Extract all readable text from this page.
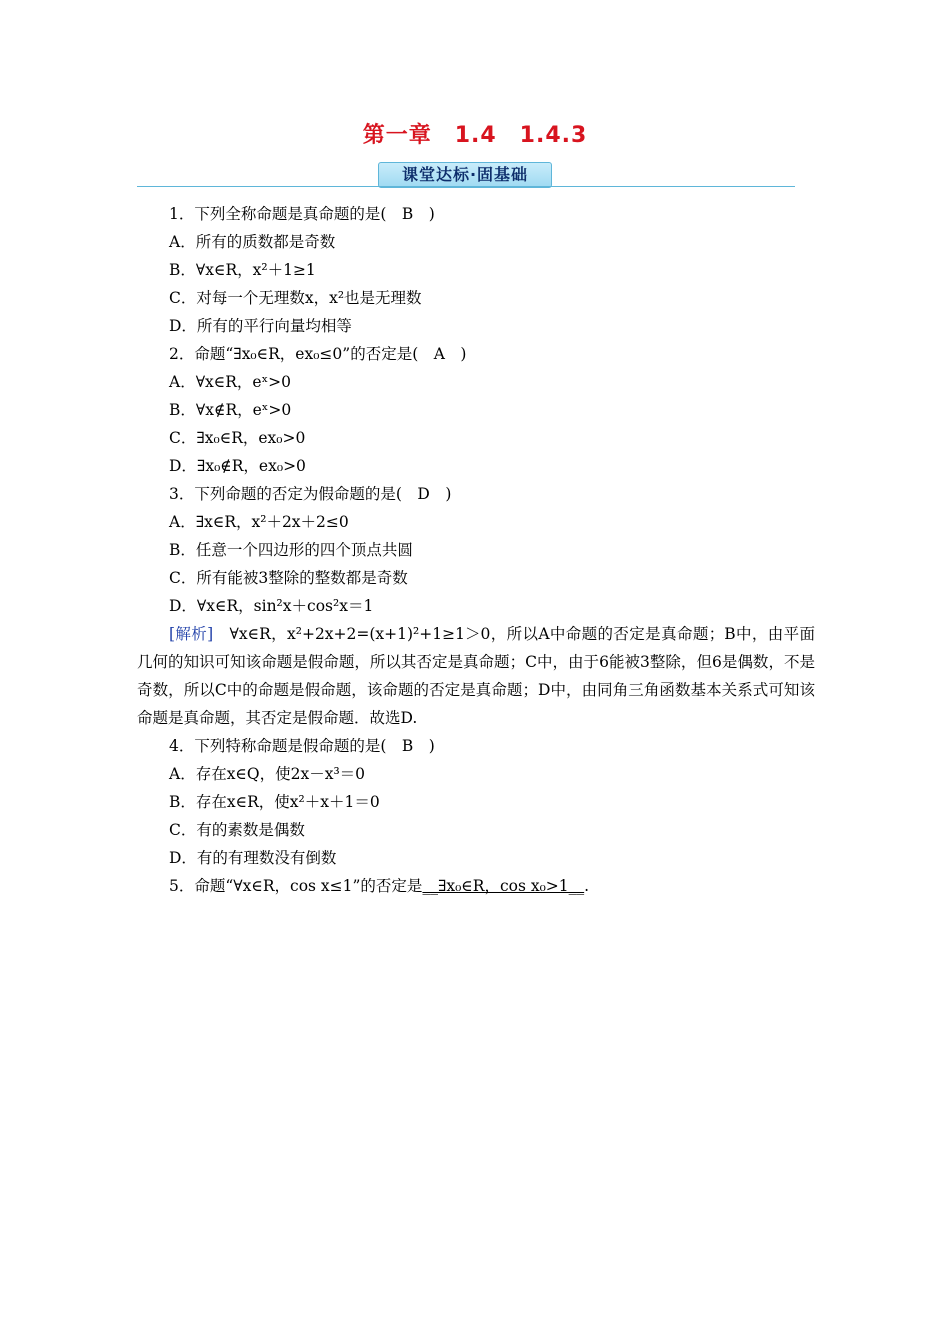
第一章　1.4　1.4.3
课堂达标·固基础
1．下列全称命题是真命题的是(　B　)
A．所有的质数都是奇数
B．∀x∈R，x²＋1≥1
C．对每一个无理数x，x²也是无理数
D．所有的平行向量均相等
2．命题“∃x₀∈R，ex₀≤0”的否定是(　A　)
A．∀x∈R，eˣ>0
B．∀x∉R，eˣ>0
C．∃x₀∈R，ex₀>0
D．∃x₀∉R，ex₀>0
3．下列命题的否定为假命题的是(　D　)
A．∃x∈R，x²＋2x＋2≤0
B．任意一个四边形的四个顶点共圆
C．所有能被3整除的整数都是奇数
D．∀x∈R，sin²x＋cos²x＝1
[解析]　 ∀x∈R，x²+2x+2=(x+1)²+1≥1＞0，所以A中命题的否定是真命题；B中，由平面几何的知识可知该命题是假命题，所以其否定是真命题；C中，由于6能被3整除，但6是偶数，不是奇数，所以C中的命题是假命题，该命题的否定是真命题；D中，由同角三角函数基本关系式可知该命题是真命题，其否定是假命题．故选D.
4．下列特称命题是假命题的是(　B　)
A．存在x∈Q，使2x－x³＝0
B．存在x∈R，使x²＋x＋1＝0
C．有的素数是偶数
D．有的有理数没有倒数
5．命题“∀x∈R，cos x≤1”的否定是__∃x₀∈R，cos x₀>1__.
